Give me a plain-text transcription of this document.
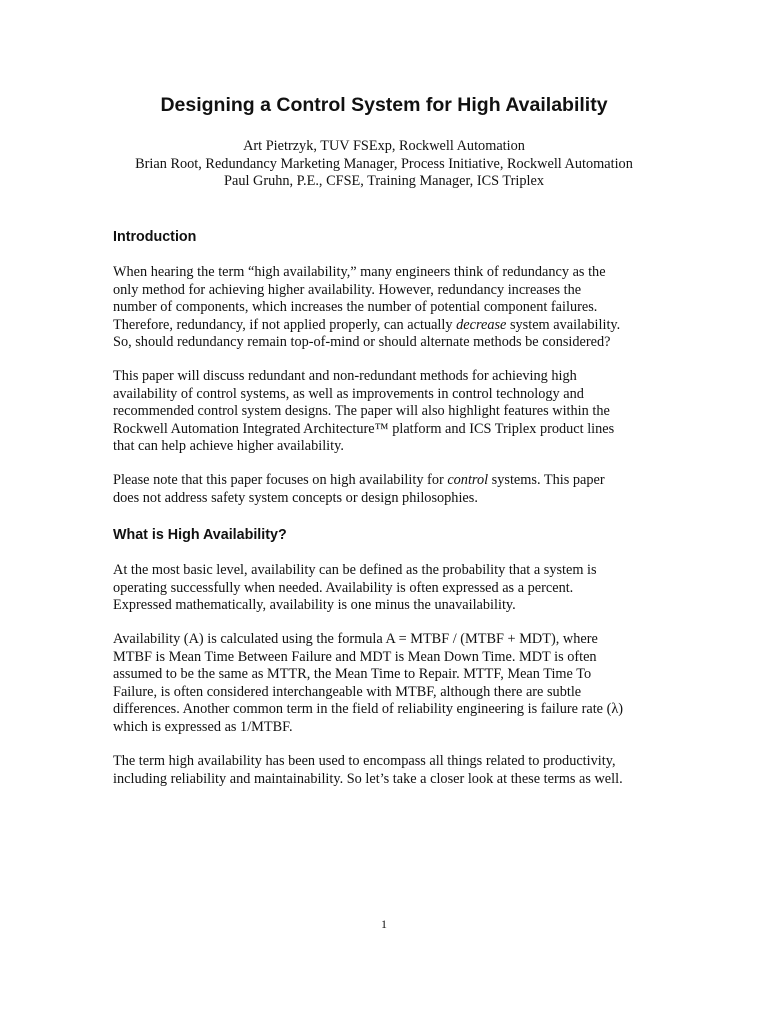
Designing a Control System for High Availability
Art Pietrzyk, TUV FSExp, Rockwell Automation
Brian Root, Redundancy Marketing Manager, Process Initiative, Rockwell Automation
Paul Gruhn, P.E., CFSE, Training Manager, ICS Triplex
Introduction
When hearing the term “high availability,” many engineers think of redundancy as the
only method for achieving higher availability. However, redundancy increases the
number of components, which increases the number of potential component failures.
Therefore, redundancy, if not applied properly, can actually decrease system availability.
So, should redundancy remain top-of-mind or should alternate methods be considered?
This paper will discuss redundant and non-redundant methods for achieving high
availability of control systems, as well as improvements in control technology and
recommended control system designs. The paper will also highlight features within the
Rockwell Automation Integrated Architecture™ platform and ICS Triplex product lines
that can help achieve higher availability.
Please note that this paper focuses on high availability for control systems. This paper
does not address safety system concepts or design philosophies.
What is High Availability?
At the most basic level, availability can be defined as the probability that a system is
operating successfully when needed. Availability is often expressed as a percent.
Expressed mathematically, availability is one minus the unavailability.
Availability (A) is calculated using the formula A = MTBF / (MTBF + MDT), where
MTBF is Mean Time Between Failure and MDT is Mean Down Time. MDT is often
assumed to be the same as MTTR, the Mean Time to Repair. MTTF, Mean Time To
Failure, is often considered interchangeable with MTBF, although there are subtle
differences. Another common term in the field of reliability engineering is failure rate (λ)
which is expressed as 1/MTBF.
The term high availability has been used to encompass all things related to productivity,
including reliability and maintainability. So let’s take a closer look at these terms as well.
1
